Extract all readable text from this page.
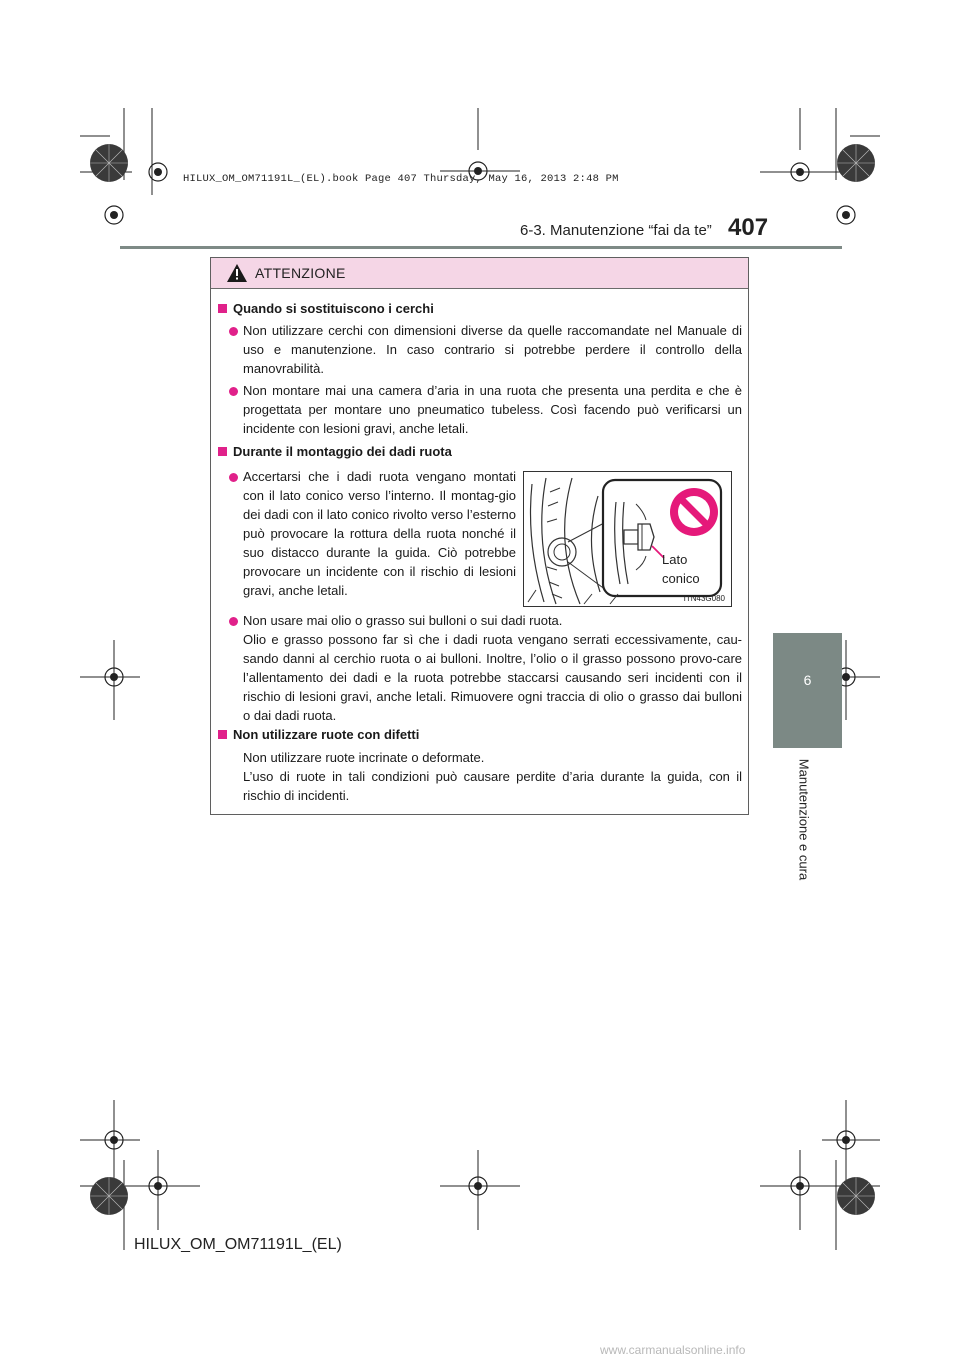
HILUX_OM_OM71191L_(EL).book Page 407 Thursday, May 16, 2013 2:48 PM
6-3. Manutenzione “fai da te” 407
6
Manutenzione e cura
ATTENZIONE
Quando si sostituiscono i cerchi
Non utilizzare cerchi con dimensioni diverse da quelle raccomandate nel Manuale di uso e manutenzione. In caso contrario si potrebbe perdere il controllo della manovrabilità.
Non montare mai una camera d’aria in una ruota che presenta una perdita e che è progettata per montare uno pneumatico tubeless. Così facendo può verificarsi un incidente con lesioni gravi, anche letali.
Durante il montaggio dei dadi ruota
Accertarsi che i dadi ruota vengano montati con il lato conico verso l’interno. Il montag-gio dei dadi con il lato conico rivolto verso l’esterno può provocare la rottura della ruota nonché il suo distacco durante la guida. Ciò potrebbe provocare un incidente con il rischio di lesioni gravi, anche letali.
Non usare mai olio o grasso sui bulloni o sui dadi ruota.
Olio e grasso possono far sì che i dadi ruota vengano serrati eccessivamente, cau-sando danni al cerchio ruota o ai bulloni. Inoltre, l’olio o il grasso possono provo-care l’allentamento dei dadi e la ruota potrebbe staccarsi causando seri incidenti con il rischio di lesioni gravi, anche letali. Rimuovere ogni traccia di olio o grasso dai bulloni o dai dadi ruota.
Non utilizzare ruote con difetti
Non utilizzare ruote incrinate o deformate.
L’uso di ruote in tali condizioni può causare perdite d’aria durante la guida, con il rischio di incidenti.
Lato
conico
ITN43G080
HILUX_OM_OM71191L_(EL)
www.carmanualsonline.info
